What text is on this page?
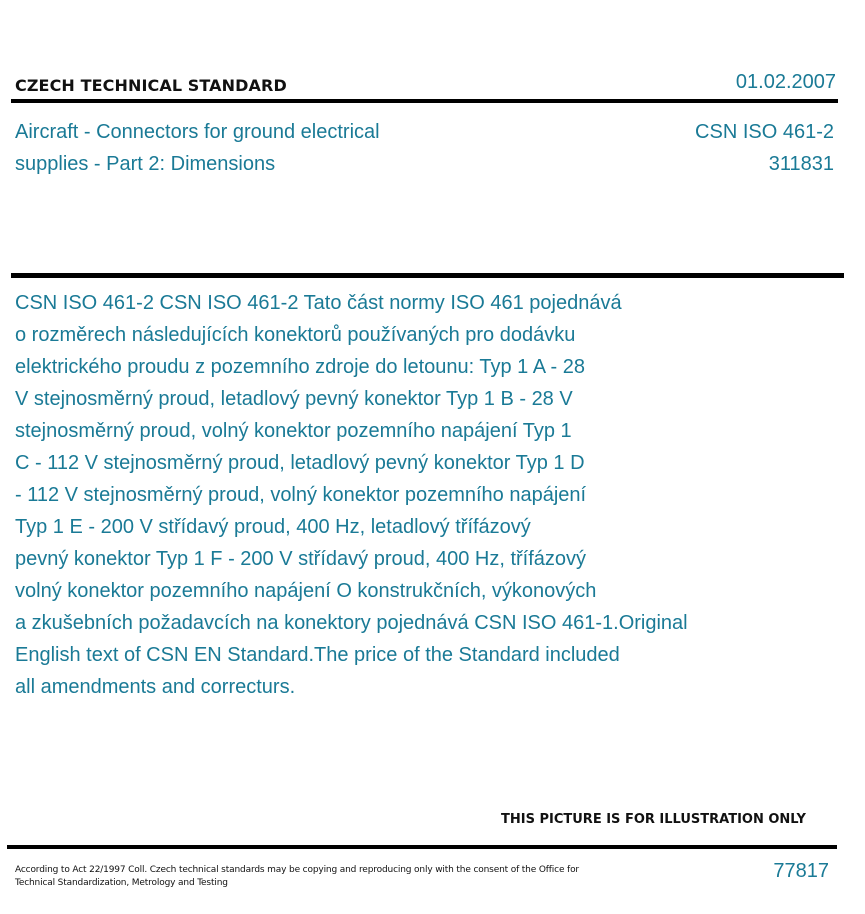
CZECH TECHNICAL STANDARD	01.02.2007
Aircraft - Connectors for ground electrical supplies - Part 2: Dimensions
CSN ISO 461-2
311831
CSN ISO 461-2 CSN ISO 461-2 Tato část normy ISO 461 pojednává
o rozměrech následujících konektorů používaných pro dodávku
elektrického proudu z pozemního zdroje do letounu: Typ 1 A - 28
V stejnosměrný proud, letadlový pevný konektor Typ 1 B - 28 V
stejnosměrný proud, volný konektor pozemního napájení Typ 1
C - 112 V stejnosměrný proud, letadlový pevný konektor Typ 1 D
- 112 V stejnosměrný proud, volný konektor pozemního napájení
Typ 1 E - 200 V střídavý proud, 400 Hz, letadlový třífázový
pevný konektor Typ 1 F - 200 V střídavý proud, 400 Hz, třífázový
volný konektor pozemního napájení O konstrukčních, výkonových
a zkušebních požadavcích na konektory pojednává CSN ISO 461-1.Original
English text of CSN EN Standard.The price of the Standard included
all amendments and correcturs.
THIS PICTURE IS FOR ILLUSTRATION ONLY
According to Act 22/1997 Coll. Czech technical standards may be copying and reproducing only with the consent of the Office for Technical Standardization, Metrology and Testing
77817
